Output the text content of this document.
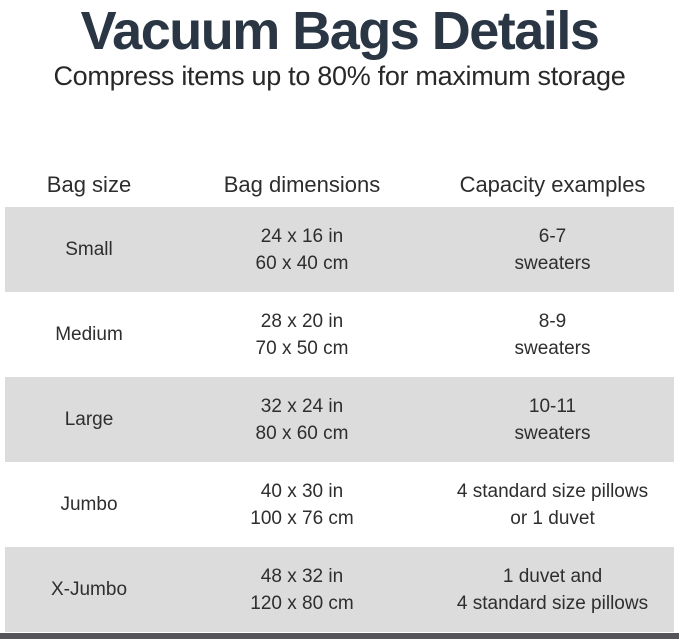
Vacuum Bags Details
Compress items up to 80% for maximum storage
Bag size	Bag dimensions	Capacity examples
Small
24 x 16 in
60 x 40 cm
6-7
sweaters
Medium
28 x 20 in
70 x 50 cm
8-9
sweaters
Large
32 x 24 in
80 x 60 cm
10-11
sweaters
Jumbo
40 x 30 in
100 x 76 cm
4 standard size pillows
or 1 duvet
X-Jumbo
48 x 32 in
120 x 80 cm
1 duvet and
4 standard size pillows
